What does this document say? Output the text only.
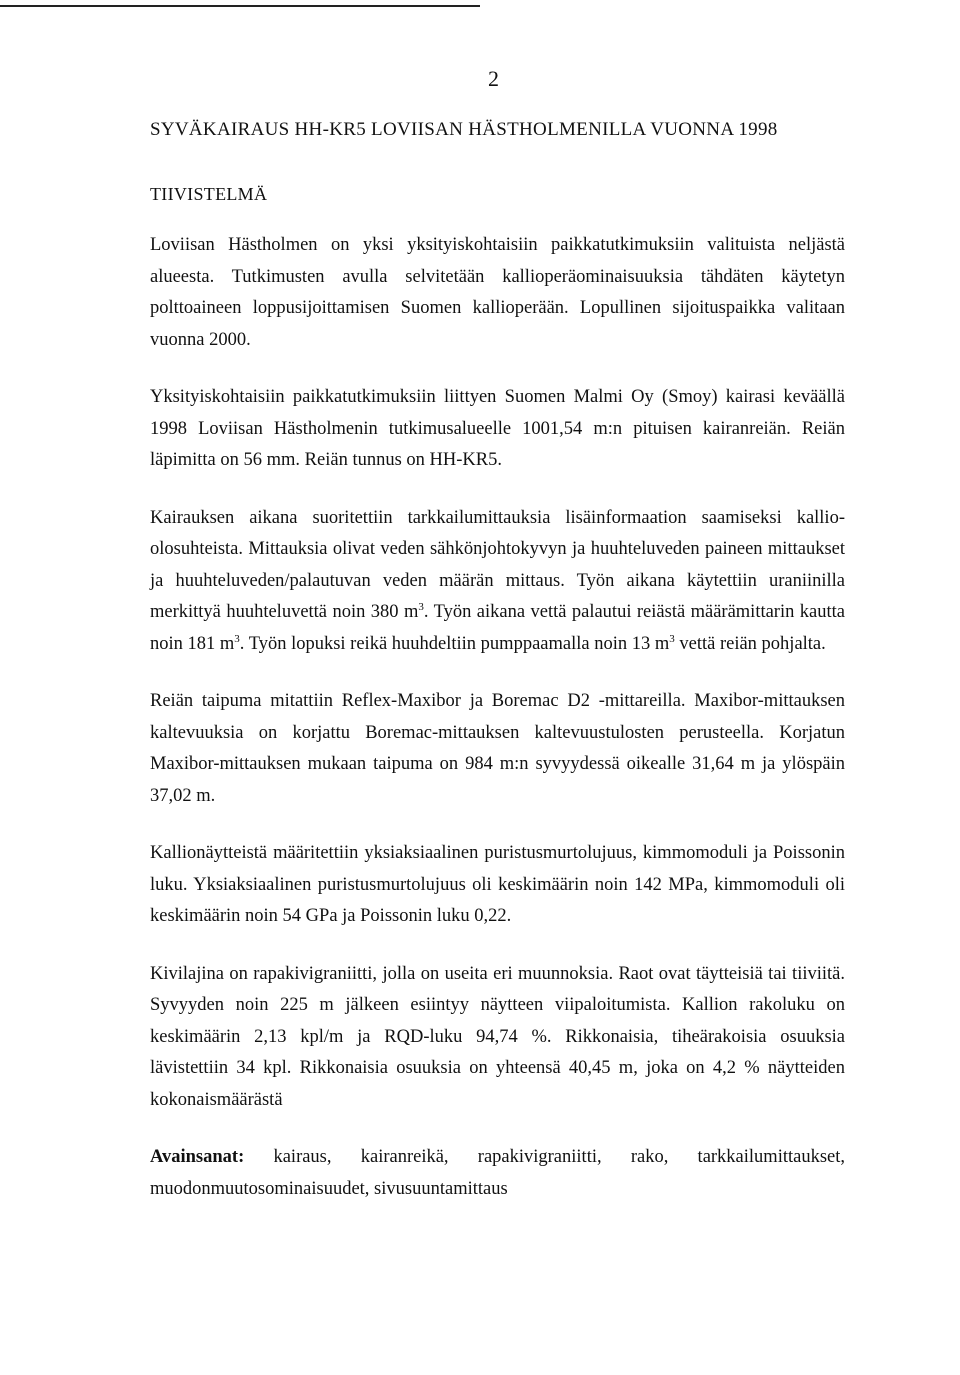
2
SYVÄKAIRAUS HH-KR5 LOVIISAN HÄSTHOLMENILLA VUONNA 1998
TIIVISTELMÄ

Loviisan Hästholmen on yksi yksityiskohtaisiin paikkatutkimuksiin valituista neljästä alueesta. Tutkimusten avulla selvitetään kallioperäominaisuuksia tähdäten käytetyn polttoaineen loppusijoittamisen Suomen kallioperään. Lopullinen sijoituspaikka valitaan vuonna 2000.

Yksityiskohtaisiin paikkatutkimuksiin liittyen Suomen Malmi Oy (Smoy) kairasi keväällä 1998 Loviisan Hästholmenin tutkimusalueelle 1001,54 m:n pituisen kairanreiän. Reiän läpimitta on 56 mm. Reiän tunnus on HH-KR5.

Kairauksen aikana suoritettiin tarkkailumittauksia lisäinformaation saamiseksi kallio-olosuhteista. Mittauksia olivat veden sähkönjohtokyvyn ja huuhteluveden paineen mittaukset ja huuhteluveden/palautuvan veden määrän mittaus. Työn aikana käytettiin uraniinilla merkittyä huuhteluvettä noin 380 $m^3$. Työn aikana vettä palautui reiästä määrämittarin kautta noin 181 $m^3$. Työn lopuksi reikä huuhdeltiin pumppaamalla noin 13 $m^3$ vettä reiän pohjalta.

Reiän taipuma mitattiin Reflex-Maxibor ja Boremac D2 -mittareilla. Maxibor-mittauksen kaltevuuksia on korjattu Boremac-mittauksen kaltevuustulosten perusteella. Korjatun Maxibor-mittauksen mukaan taipuma on 984 m:n syvyydessä oikealle 31,64 m ja ylöspäin 37,02 m.

Kallionäytteistä määritettiin yksiaksiaalinen puristusmurtolujuus, kimmomoduli ja Poissonin luku. Yksiaksiaalinen puristusmurtolujuus oli keskimäärin noin 142 MPa, kimmomoduli oli keskimäärin noin 54 GPa ja Poissonin luku 0,22.

Kivilajina on rapakivigraniitti, jolla on useita eri muunnoksia. Raot ovat täytteisiä tai tiiviitä. Syvyyden noin 225 m jälkeen esiintyy näytteen viipaloitumista. Kallion rakoluku on keskimäärin 2,13 kpl/m ja RQD-luku 94,74 %. Rikkonaisia, tiheärakoisia osuuksia lävistettiin 34 kpl. Rikkonaisia osuuksia on yhteensä 40,45 m, joka on 4,2 % näytteiden kokonaismäärästä

Avainsanat: kairaus, kairanreikä, rapakivigraniitti, rako, tarkkailumittaukset, muodonmuutosominaisuudet, sivusuuntamittaus
